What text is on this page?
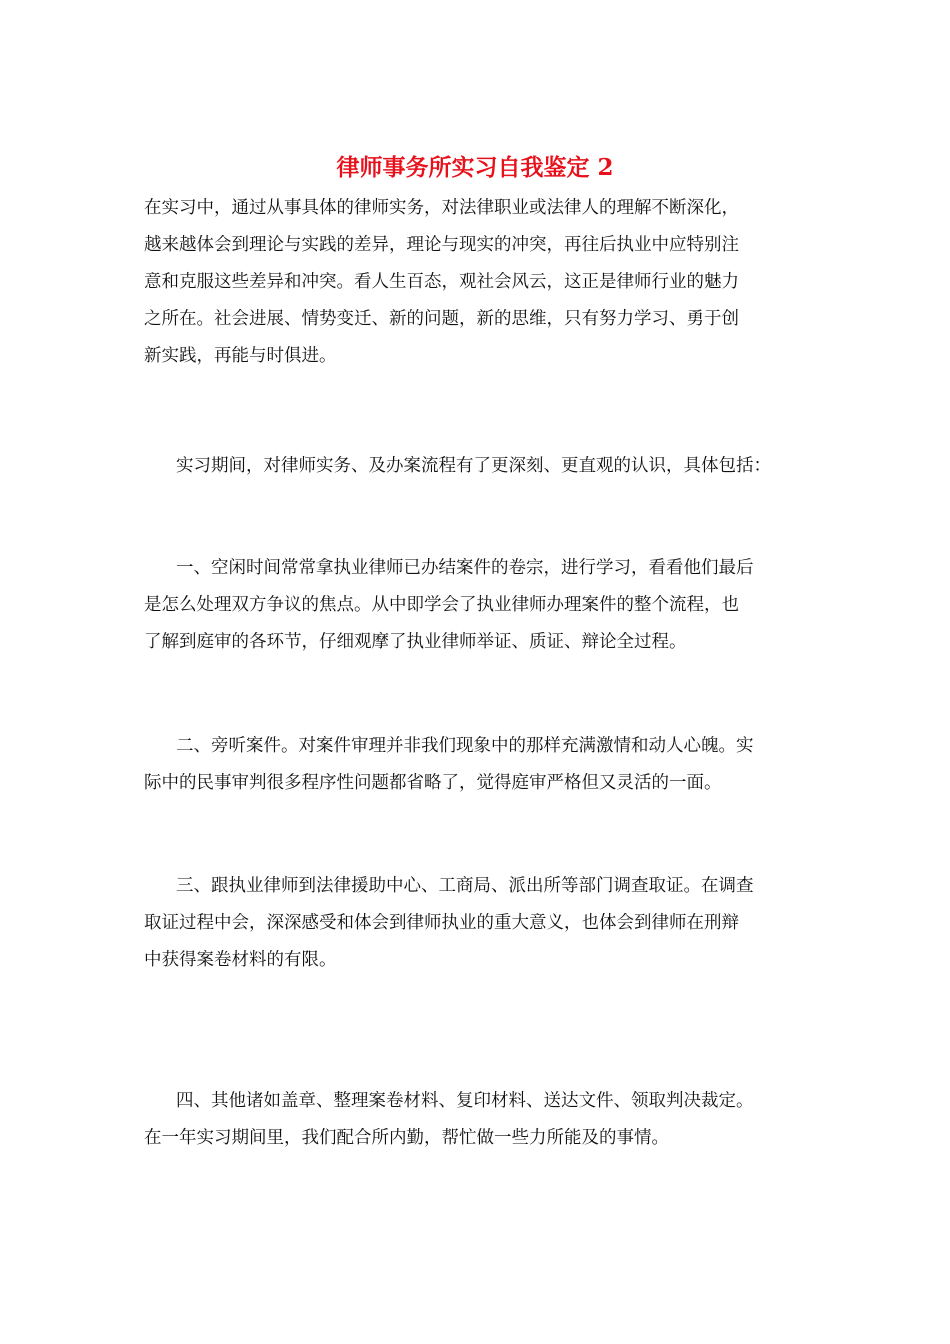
律师事务所实习自我鉴定 2

在实习中，通过从事具体的律师实务，对法律职业或法律人的理解不断深化，
越来越体会到理论与实践的差异，理论与现实的冲突，再往后执业中应特别注
意和克服这些差异和冲突。看人生百态，观社会风云，这正是律师行业的魅力
之所在。社会进展、情势变迁、新的问题，新的思维，只有努力学习、勇于创
新实践，再能与时俱进。

实习期间，对律师实务、及办案流程有了更深刻、更直观的认识，具体包括：

一、空闲时间常常拿执业律师已办结案件的卷宗，进行学习，看看他们最后
是怎么处理双方争议的焦点。从中即学会了执业律师办理案件的整个流程，也
了解到庭审的各环节，仔细观摩了执业律师举证、质证、辩论全过程。

二、旁听案件。对案件审理并非我们现象中的那样充满激情和动人心魄。实
际中的民事审判很多程序性问题都省略了，觉得庭审严格但又灵活的一面。

三、跟执业律师到法律援助中心、工商局、派出所等部门调查取证。在调查
取证过程中会，深深感受和体会到律师执业的重大意义，也体会到律师在刑辩
中获得案卷材料的有限。

四、其他诸如盖章、整理案卷材料、复印材料、送达文件、领取判决裁定。
在一年实习期间里，我们配合所内勤，帮忙做一些力所能及的事情。
